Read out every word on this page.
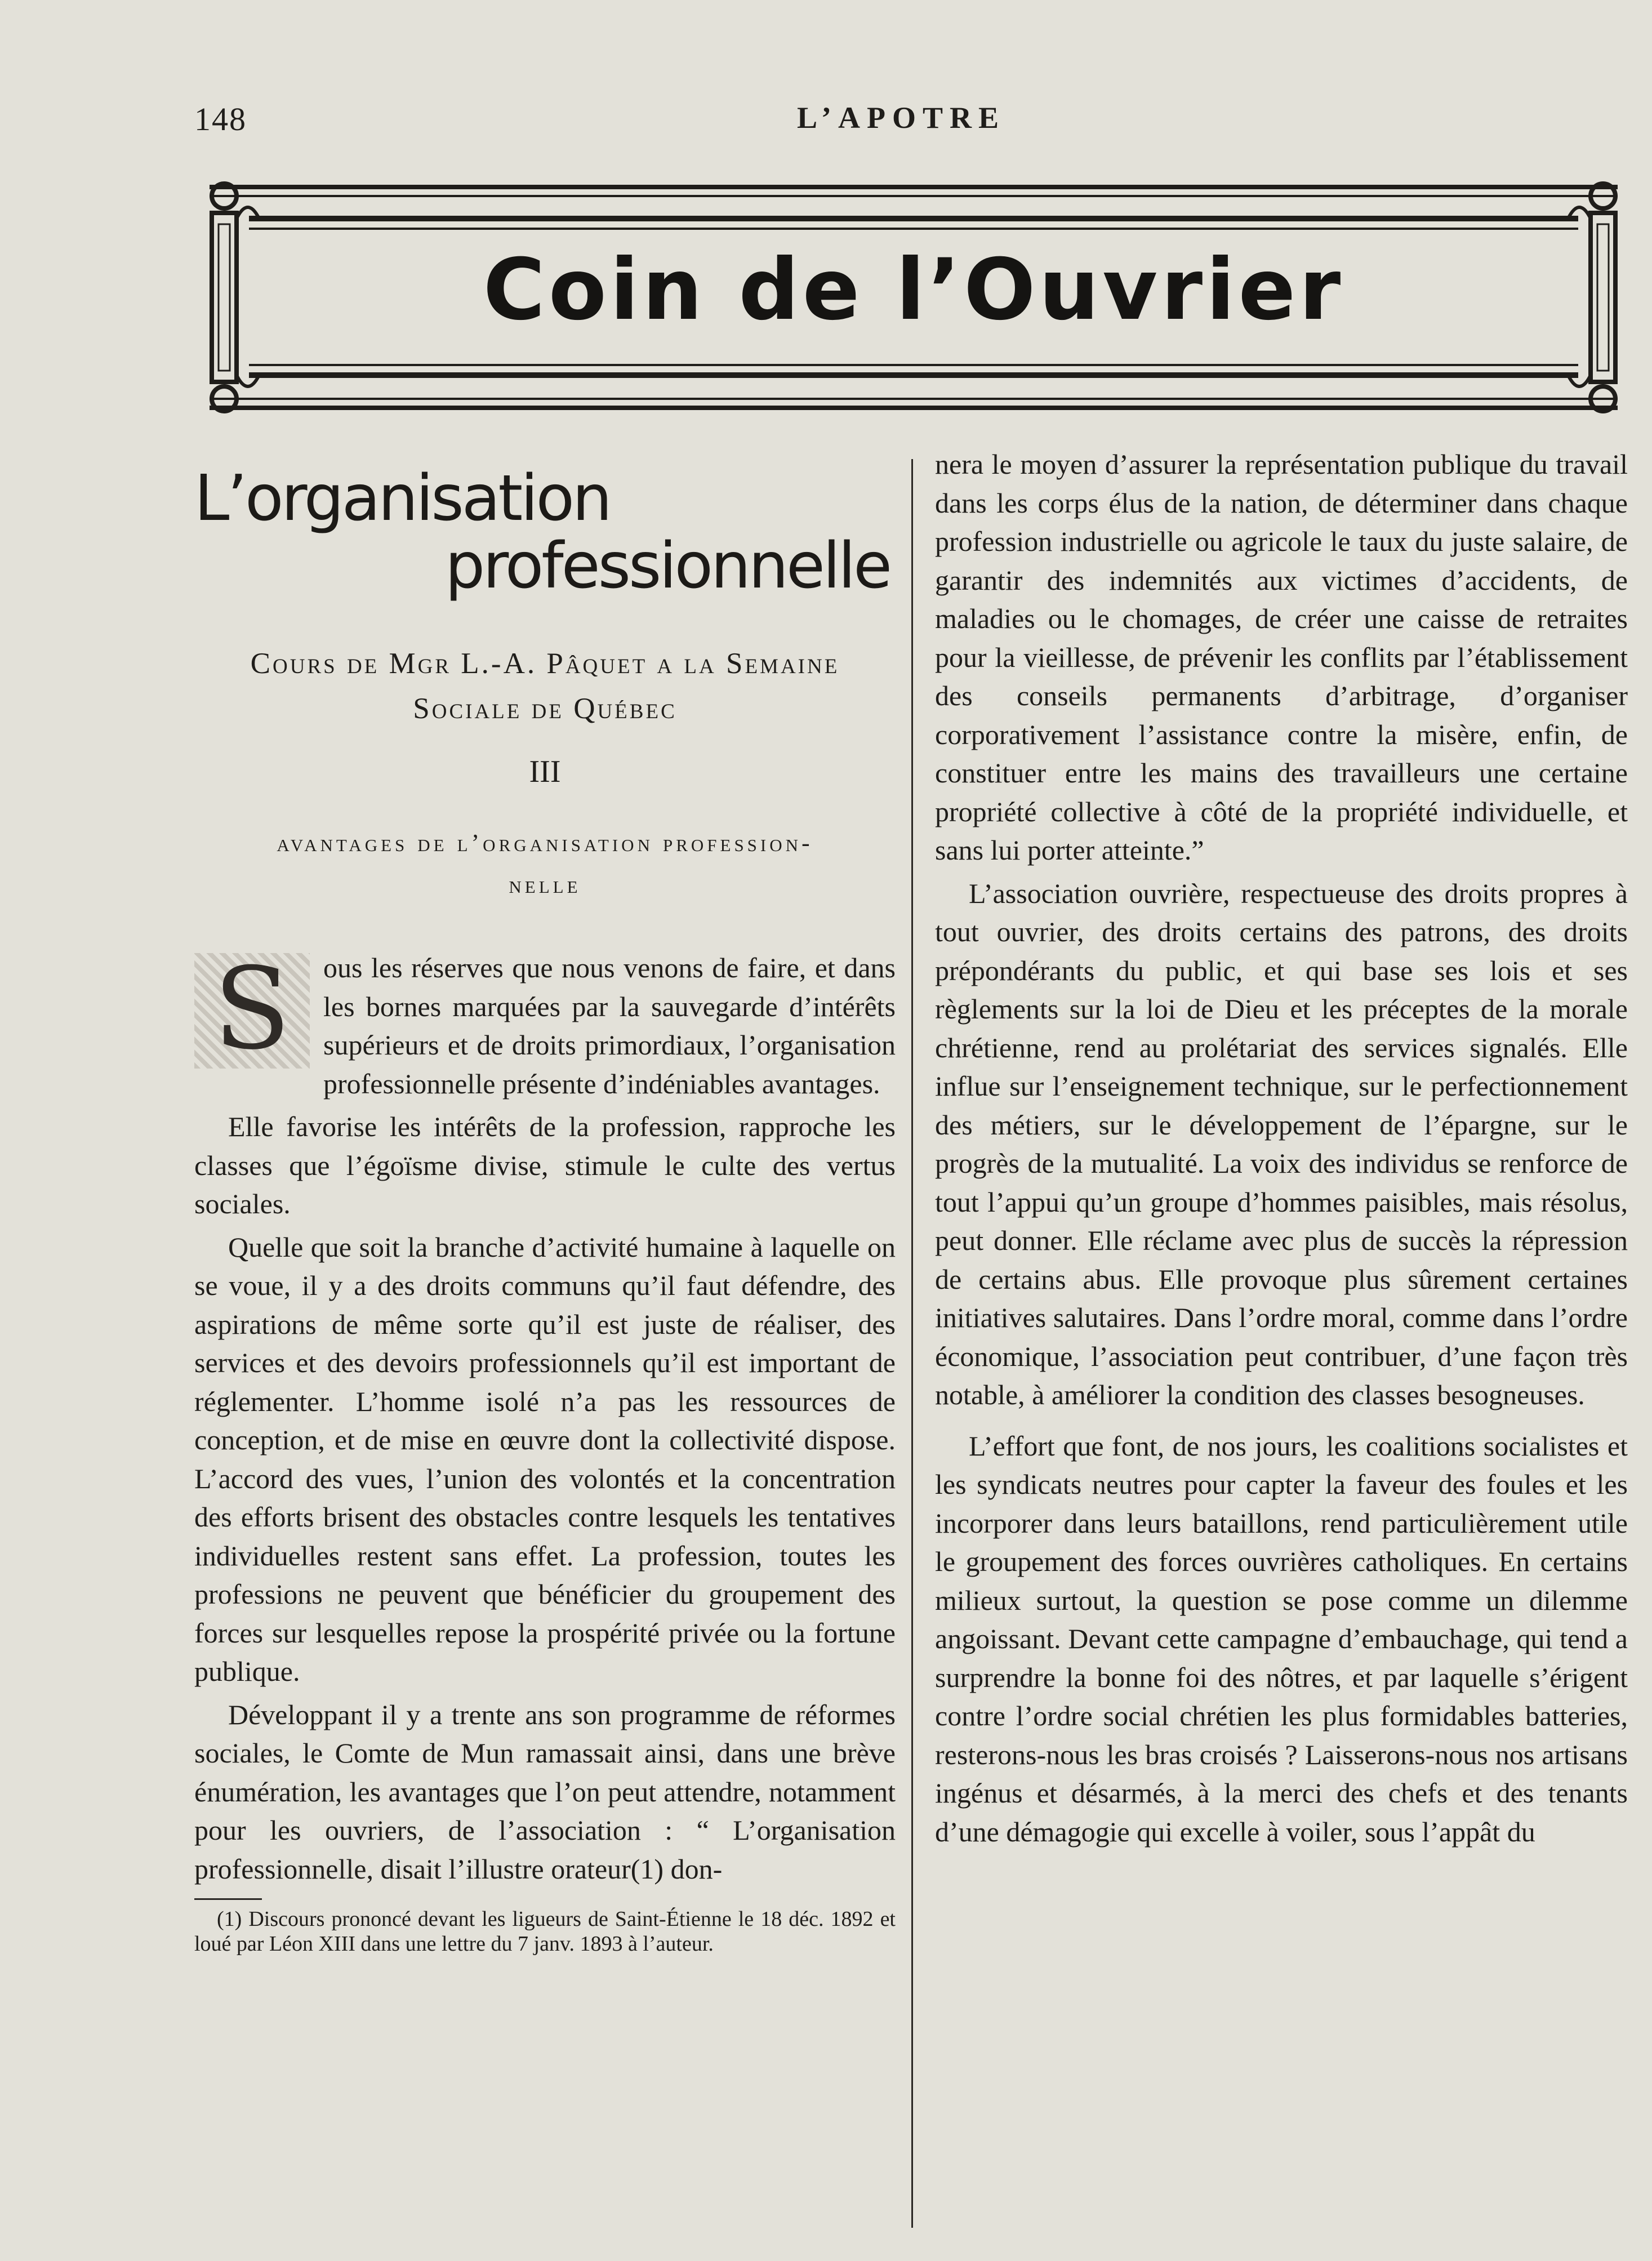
148	L’APOTRE
Coin de l’Ouvrier
L’organisation
professionnelle
Cours de Mgr L.-A. Pâquet a la Semaine
Sociale de Québec
III
avantages de l’organisation profession-
nelle
S	ous les réserves que nous venons de faire, et dans les bornes marquées par la sauvegarde d’intérêts supérieurs et de droits primordiaux, l’organisation professionnelle présente d’indéniables avantages.

Elle favorise les intérêts de la profession, rapproche les classes que l’égoïsme divise, stimule le culte des vertus sociales.

Quelle que soit la branche d’activité humaine à laquelle on se voue, il y a des droits communs qu’il faut défendre, des aspirations de même sorte qu’il est juste de réaliser, des services et des devoirs professionnels qu’il est important de réglementer. L’homme isolé n’a pas les ressources de conception, et de mise en œuvre dont la collectivité dispose. L’accord des vues, l’union des volontés et la concentration des efforts brisent des obstacles contre lesquels les tentatives individuelles restent sans effet. La profession, toutes les professions ne peuvent que bénéficier du groupement des forces sur lesquelles repose la prospérité privée ou la fortune publique.

Développant il y a trente ans son programme de réformes sociales, le Comte de Mun ramassait ainsi, dans une brève énumération, les avantages que l’on peut attendre, notamment pour les ouvriers, de l’association : “ L’organisation professionnelle, disait l’illustre orateur(1) don-

(1) Discours prononcé devant les ligueurs de Saint-Étienne le 18 déc. 1892 et loué par Léon XIII dans une lettre du 7 janv. 1893 à l’auteur.

nera le moyen d’assurer la représentation publique du travail dans les corps élus de la nation, de déterminer dans chaque profession industrielle ou agricole le taux du juste salaire, de garantir des indemnités aux victimes d’accidents, de maladies ou le chomages, de créer une caisse de retraites pour la vieillesse, de prévenir les conflits par l’établissement des conseils permanents d’arbitrage, d’organiser corporativement l’assistance contre la misère, enfin, de constituer entre les mains des travailleurs une certaine propriété collective à côté de la propriété individuelle, et sans lui porter atteinte.”

L’association ouvrière, respectueuse des droits propres à tout ouvrier, des droits certains des patrons, des droits prépondérants du public, et qui base ses lois et ses règlements sur la loi de Dieu et les préceptes de la morale chrétienne, rend au prolétariat des services signalés. Elle influe sur l’enseignement technique, sur le perfectionnement des métiers, sur le développement de l’épargne, sur le progrès de la mutualité. La voix des individus se renforce de tout l’appui qu’un groupe d’hommes paisibles, mais résolus, peut donner. Elle réclame avec plus de succès la répression de certains abus. Elle provoque plus sûrement certaines initiatives salutaires. Dans l’ordre moral, comme dans l’ordre économique, l’association peut contribuer, d’une façon très notable, à améliorer la condition des classes besogneuses.

L’effort que font, de nos jours, les coalitions socialistes et les syndicats neutres pour capter la faveur des foules et les incorporer dans leurs bataillons, rend particulièrement utile le groupement des forces ouvrières catholiques. En certains milieux surtout, la question se pose comme un dilemme angoissant. Devant cette campagne d’embauchage, qui tend a surprendre la bonne foi des nôtres, et par laquelle s’érigent contre l’ordre social chrétien les plus formidables batteries, resterons-nous les bras croisés ? Laisserons-nous nos artisans ingénus et désarmés, à la merci des chefs et des tenants d’une démagogie qui excelle à voiler, sous l’appât du
